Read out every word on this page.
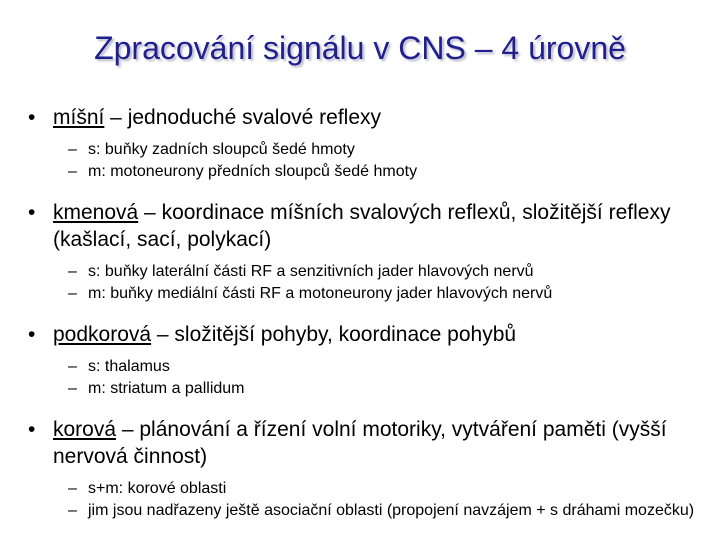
Zpracování signálu v CNS – 4 úrovně
• míšní – jednoduché svalové reflexy
– s: buňky zadních sloupců šedé hmoty
– m: motoneurony předních sloupců šedé hmoty
• kmenová – koordinace míšních svalových reflexů, složitější reflexy (kašlací, sací, polykací)
– s: buňky laterální části RF a senzitivních jader hlavových nervů
– m: buňky mediální části RF a motoneurony jader hlavových nervů
• podkorová – složitější pohyby, koordinace pohybů
– s: thalamus
– m: striatum a pallidum
• korová – plánování a řízení volní motoriky, vytváření paměti (vyšší nervová činnost)
– s+m: korové oblasti
– jim jsou nadřazeny ještě asociační oblasti (propojení navzájem + s dráhami mozečku)
